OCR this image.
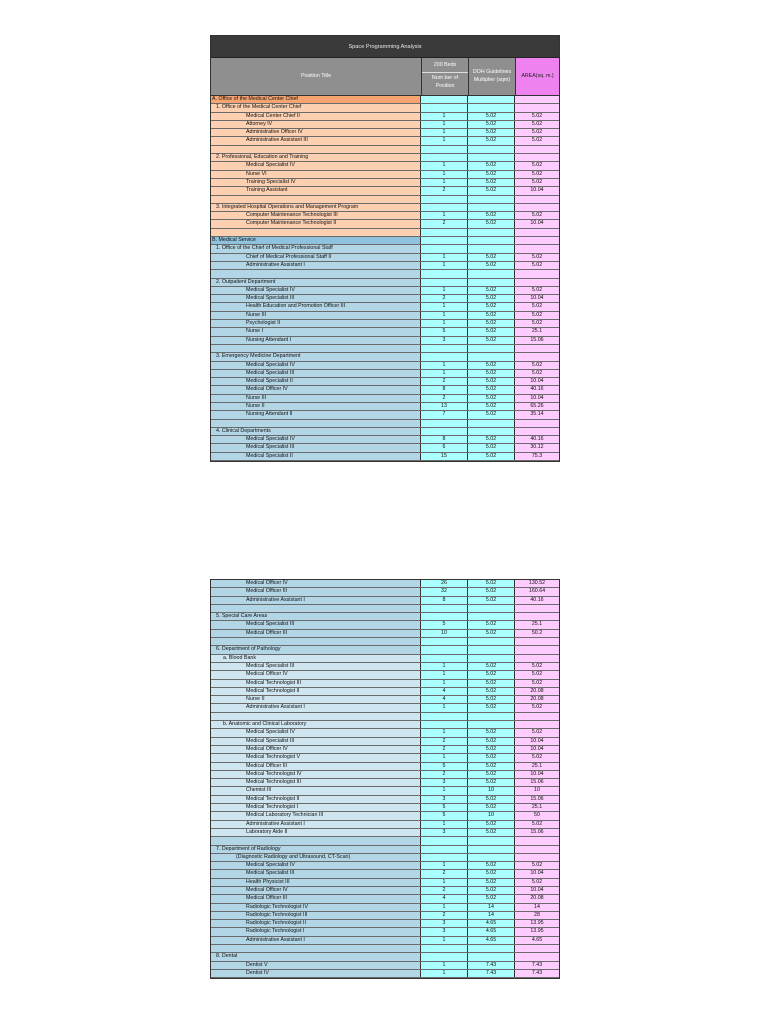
Space Programming Analysis
Position Title
200 Beds
Num ber of Position
DOH Guidelines Multiplier (sqm)
AREA(sq. m.)
A. Office of the Medical Center Chief
1. Office of the Medical Center Chief
Medical Center Chief II	1	5.02	5.02
Attorney IV	1	5.02	5.02
Administrative Officer IV	1	5.02	5.02
Administrative Assistant III	1	5.02	5.02
2. Professional, Education and Training
Medical Specialist IV	1	5.02	5.02
Nurse VI	1	5.02	5.02
Training Specialist IV	1	5.02	5.02
Training Assistant	2	5.02	10.04
3. Integrated Hospital Operations and Management Program
Computer Maintenance Technologist III	1	5.02	5.02
Computer Maintenance Technologist II	2	5.02	10.04
B. Medical Service
1. Office of the Chief of Medical Professional Staff
Chief of Medical Professional Staff II	1	5.02	5.02
Administrative Assistant I	1	5.02	5.02
2. Outpatient Department
Medical Specialist IV	1	5.02	5.02
Medical Specialist III	2	5.02	10.04
Health Education and Promotion Officer III	1	5.02	5.02
Nurse III	1	5.02	5.02
Psychologist II	1	5.02	5.02
Nurse I	5	5.02	25.1
Nursing Attendant I	3	5.02	15.06
3. Emergency Medicine Department
Medical Specialist IV	1	5.02	5.02
Medical Specialist III	1	5.02	5.02
Medical Specialist II	2	5.02	10.04
Medical Officer IV	8	5.02	40.16
Nurse III	2	5.02	10.04
Nurse II	13	5.02	65.26
Nursing Attendant II	7	5.02	35.14
4. Clinical Departments
Medical Specialist IV	8	5.02	40.16
Medical Specialist III	6	5.02	30.12
Medical Specialist II	15	5.02	75.3
Medical Officer IV	26	5.02	130.52
Medical Officer III	32	5.02	160.64
Administrative Assistant I	8	5.02	40.16
5. Special Care Areas
Medical Specialist III	5	5.02	25.1
Medical Officer III	10	5.02	50.2
6. Department of Pathology
a. Blood Bank
Medical Specialist III	1	5.02	5.02
Medical Officer IV	1	5.02	5.02
Medical Technologist III	1	5.02	5.02
Medical Technologist II	4	5.02	20.08
Nurse II	4	5.02	20.08
Administrative Assistant I	1	5.02	5.02
b. Anatomic and Clinical Laboratory
Medical Specialist IV	1	5.02	5.02
Medical Specialist III	2	5.02	10.04
Medical Officer IV	2	5.02	10.04
Medical Technologist V	1	5.02	5.02
Medical Officer III	5	5.02	25.1
Medical Technologist IV	2	5.02	10.04
Medical Technologist III	3	5.02	15.06
Chemist III	1	10	10
Medical Technologist II	3	5.02	15.06
Medical Technologist I	5	5.02	25.1
Medical Laboratory Technician III	5	10	50
Administrative Assistant I	1	5.02	5.02
Laboratory Aide II	3	5.02	15.06
7. Department of Radiology
(Diagnostic Radiology and Ultrasound, CT-Scan)
Medical Specialist IV	1	5.02	5.02
Medical Specialist III	2	5.02	10.04
Health Physicist III	1	5.02	5.02
Medical Officer IV	2	5.02	10.04
Medical Officer III	4	5.02	20.08
Radiologic Technologist IV	1	14	14
Radiologic Technologist III	2	14	28
Radiologic Technologist II	3	4.65	13.95
Radiologic Technologist I	3	4.65	13.95
Administrative Assistant I	1	4.65	4.65
8. Dental
Dentist V	1	7.43	7.43
Dentist IV	1	7.43	7.43
